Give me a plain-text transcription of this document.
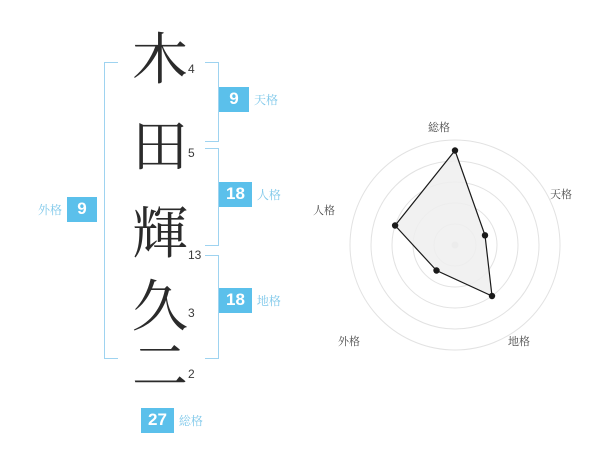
木
田
輝
久
二
4
5
13
3
2
9	天格
18	人格
18	地格
外格 9
27	総格
総格
天格
地格
外格
人格
